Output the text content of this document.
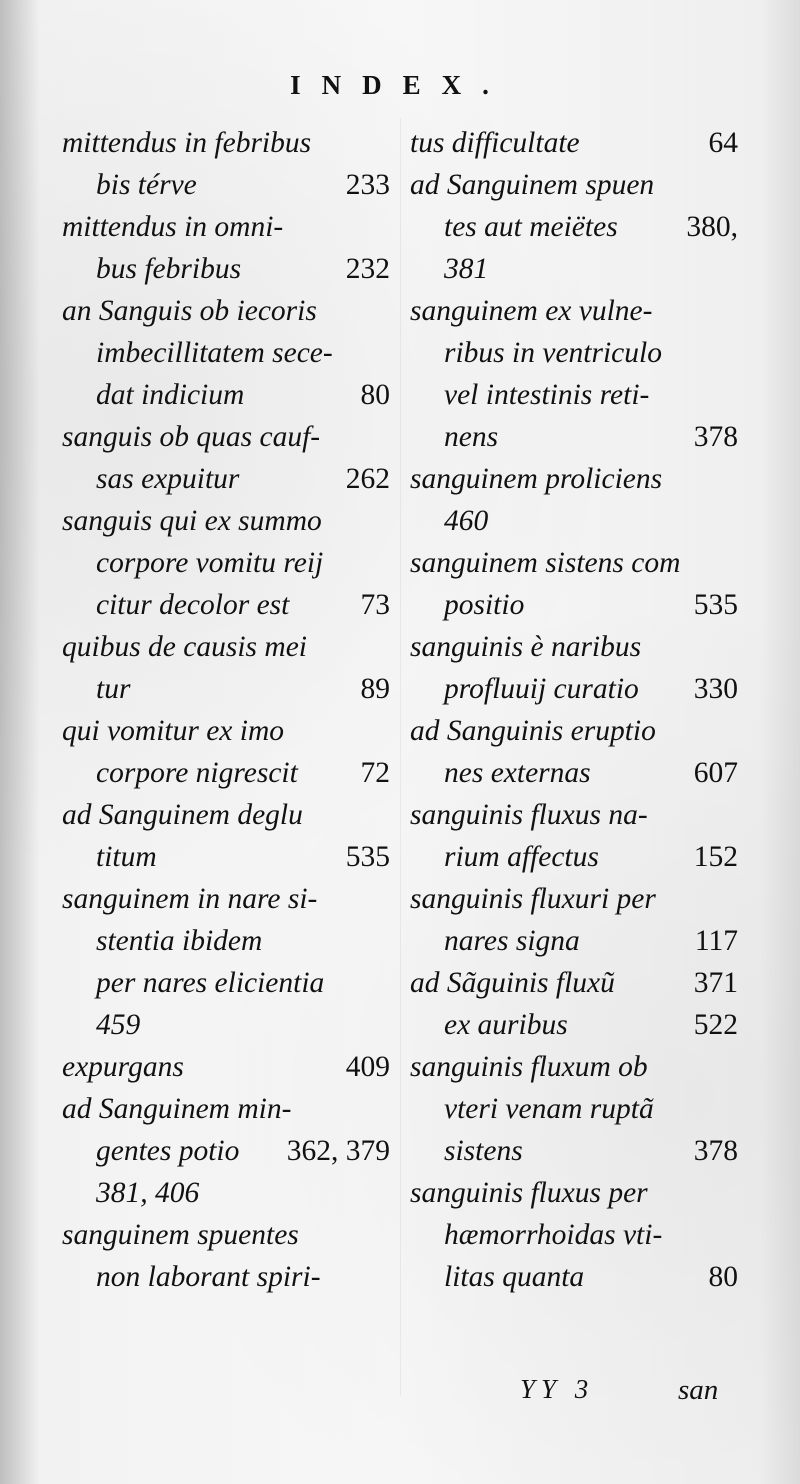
INDEX.
mittendus in febribus
bis térve	233
mittendus in omni-
bus febribus	232
an Sanguis ob iecoris
imbecillitatem sece-
dat indicium	80
sanguis ob quas cauf-
sas expuitur	262
sanguis qui ex summo
corpore vomitu reij
citur decolor est	73
quibus de causis mei
tur	89
qui vomitur ex imo
corpore nigrescit	72
ad Sanguinem deglu
titum	535
sanguinem in nare si-
stentia ibidem
per nares elicientia
459
expurgans	409
ad Sanguinem min-
gentes potio	362, 379
381, 406
sanguinem spuentes
non laborant spiri-
tus difficultate	64
ad Sanguinem spuen
tes aut meiëtes	380,
381
sanguinem ex vulne-
ribus in ventriculo
vel intestinis reti-
nens	378
sanguinem proliciens
460
sanguinem sistens com
positio	535
sanguinis è naribus
profluuij curatio	330
ad Sanguinis eruptio
nes externas	607
sanguinis fluxus na-
rium affectus	152
sanguinis fluxuri per
nares signa	117
ad Sãguinis fluxũ	371
ex auribus	522
sanguinis fluxum ob
vteri venam ruptã
sistens	378
sanguinis fluxus per
hæmorrhoidas vti-
litas quanta	80
YY 3	san
